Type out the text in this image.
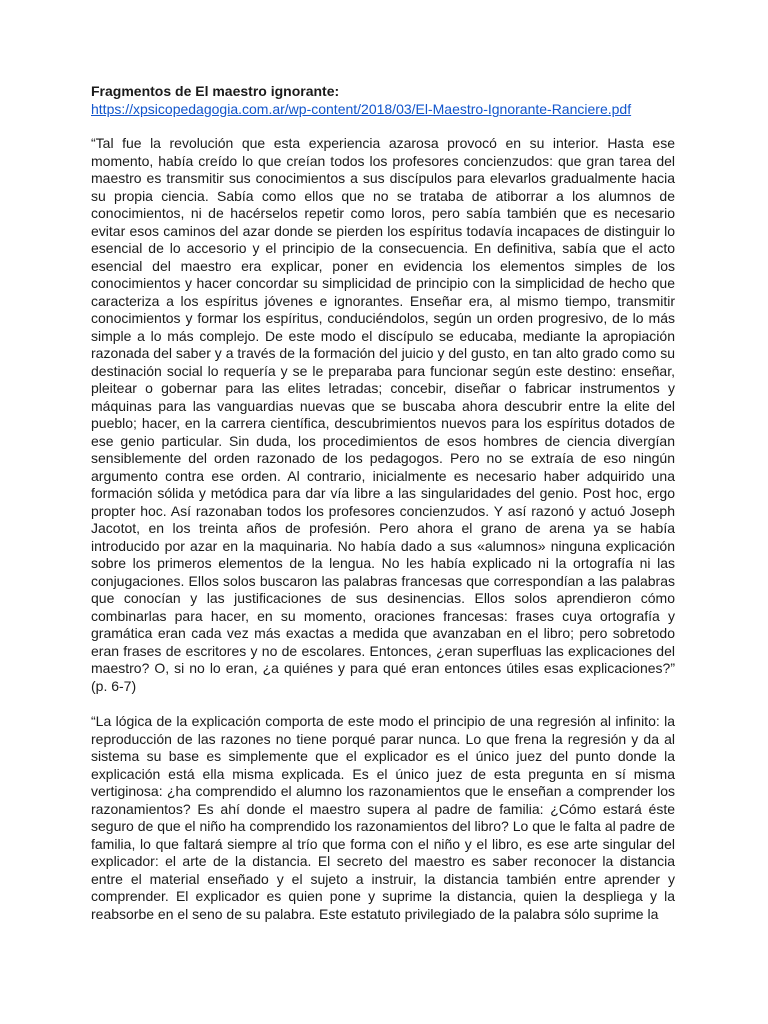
Fragmentos de El maestro ignorante:

https://xpsicopedagogia.com.ar/wp-content/2018/03/El-Maestro-Ignorante-Ranciere.pdf

“Tal fue la revolución que esta experiencia azarosa provocó en su interior. Hasta ese momento, había creído lo que creían todos los profesores concienzudos: que gran tarea del maestro es transmitir sus conocimientos a sus discípulos para elevarlos gradualmente hacia su propia ciencia. Sabía como ellos que no se trataba de atiborrar a los alumnos de conocimientos, ni de hacérselos repetir como loros, pero sabía también que es necesario evitar esos caminos del azar donde se pierden los espíritus todavía incapaces de distinguir lo esencial de lo accesorio y el principio de la consecuencia. En definitiva, sabía que el acto esencial del maestro era explicar, poner en evidencia los elementos simples de los conocimientos y hacer concordar su simplicidad de principio con la simplicidad de hecho que caracteriza a los espíritus jóvenes e ignorantes. Enseñar era, al mismo tiempo, transmitir conocimientos y formar los espíritus, conduciéndolos, según un orden progresivo, de lo más simple a lo más complejo. De este modo el discípulo se educaba, mediante la apropiación razonada del saber y a través de la formación del juicio y del gusto, en tan alto grado como su destinación social lo requería y se le preparaba para funcionar según este destino: enseñar, pleitear o gobernar para las elites letradas; concebir, diseñar o fabricar instrumentos y máquinas para las vanguardias nuevas que se buscaba ahora descubrir entre la elite del pueblo; hacer, en la carrera científica, descubrimientos nuevos para los espíritus dotados de ese genio particular. Sin duda, los procedimientos de esos hombres de ciencia divergían sensiblemente del orden razonado de los pedagogos. Pero no se extraía de eso ningún argumento contra ese orden. Al contrario, inicialmente es necesario haber adquirido una formación sólida y metódica para dar vía libre a las singularidades del genio. Post hoc, ergo propter hoc. Así razonaban todos los profesores concienzudos. Y así razonó y actuó Joseph Jacotot, en los treinta años de profesión. Pero ahora el grano de arena ya se había introducido por azar en la maquinaria. No había dado a sus «alumnos» ninguna explicación sobre los primeros elementos de la lengua. No les había explicado ni la ortografía ni las conjugaciones. Ellos solos buscaron las palabras francesas que correspondían a las palabras que conocían y las justificaciones de sus desinencias. Ellos solos aprendieron cómo combinarlas para hacer, en su momento, oraciones francesas: frases cuya ortografía y gramática eran cada vez más exactas a medida que avanzaban en el libro; pero sobretodo eran frases de escritores y no de escolares. Entonces, ¿eran superfluas las explicaciones del maestro? O, si no lo eran, ¿a quiénes y para qué eran entonces útiles esas explicaciones?” (p. 6-7)

“La lógica de la explicación comporta de este modo el principio de una regresión al infinito: la reproducción de las razones no tiene porqué parar nunca. Lo que frena la regresión y da al sistema su base es simplemente que el explicador es el único juez del punto donde la explicación está ella misma explicada. Es el único juez de esta pregunta en sí misma vertiginosa: ¿ha comprendido el alumno los razonamientos que le enseñan a comprender los razonamientos? Es ahí donde el maestro supera al padre de familia: ¿Cómo estará éste seguro de que el niño ha comprendido los razonamientos del libro? Lo que le falta al padre de familia, lo que faltará siempre al trío que forma con el niño y el libro, es ese arte singular del explicador: el arte de la distancia. El secreto del maestro es saber reconocer la distancia entre el material enseñado y el sujeto a instruir, la distancia también entre aprender y comprender. El explicador es quien pone y suprime la distancia, quien la despliega y la reabsorbe en el seno de su palabra. Este estatuto privilegiado de la palabra sólo suprime la
